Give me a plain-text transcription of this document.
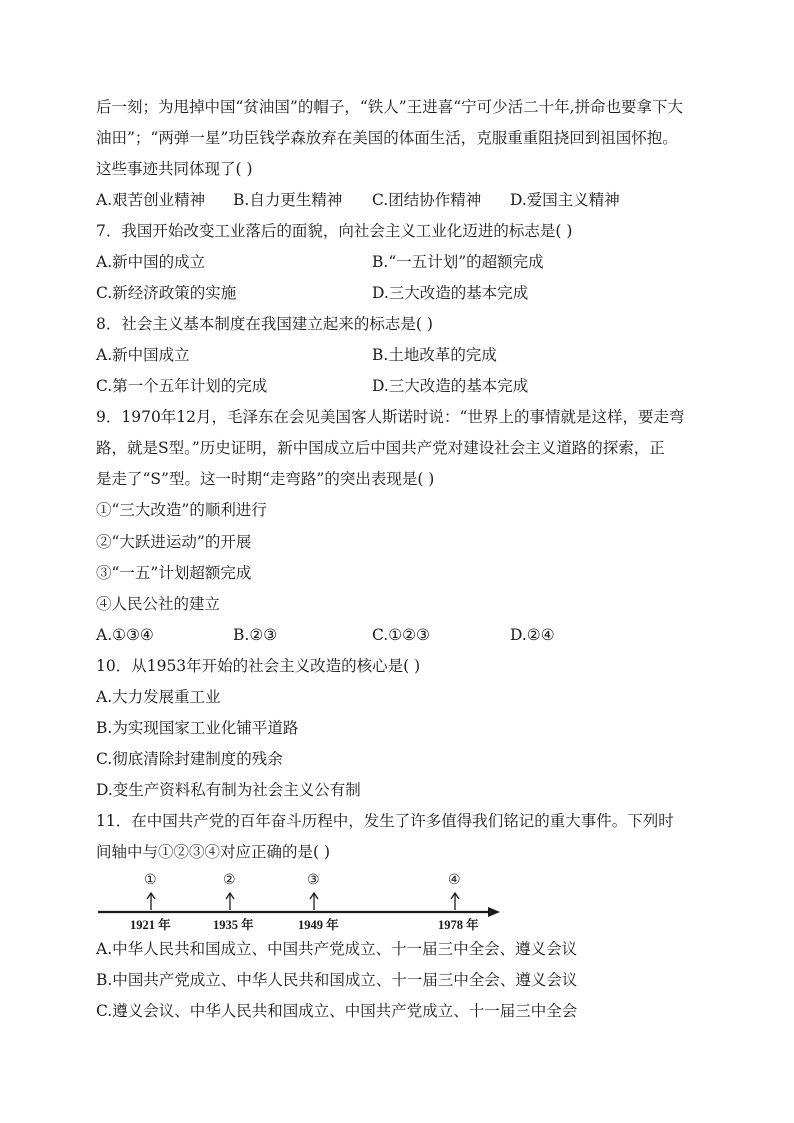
后一刻；为甩掉中国“贫油国”的帽子，“铁人”王进喜“宁可少活二十年,拼命也要拿下大
油田”；“两弹一星”功臣钱学森放弃在美国的体面生活，克服重重阻挠回到祖国怀抱。
这些事迹共同体现了( )
A.艰苦创业精神 B.自力更生精神 C.团结协作精神 D.爱国主义精神
7．我国开始改变工业落后的面貌，向社会主义工业化迈进的标志是( )
A.新中国的成立	B.“一五计划”的超额完成
C.新经济政策的实施	D.三大改造的基本完成
8．社会主义基本制度在我国建立起来的标志是( )
A.新中国成立	B.土地改革的完成
C.第一个五年计划的完成	D.三大改造的基本完成
9．1970年12月，毛泽东在会见美国客人斯诺时说：“世界上的事情就是这样，要走弯
路，就是S型。”历史证明，新中国成立后中国共产党对建设社会主义道路的探索，正
是走了“S”型。这一时期“走弯路”的突出表现是( )
①“三大改造”的顺利进行
②“大跃进运动”的开展
③“一五”计划超额完成
④人民公社的建立
A.①③④	B.②③	C.①②③	D.②④
10．从1953年开始的社会主义改造的核心是( )
A.大力发展重工业
B.为实现国家工业化铺平道路
C.彻底清除封建制度的残余
D.变生产资料私有制为社会主义公有制
11．在中国共产党的百年奋斗历程中，发生了许多值得我们铭记的重大事件。下列时
间轴中与①②③④对应正确的是( )
①	②	③	④
1921 年	1935 年	1949 年	1978 年
A.中华人民共和国成立、中国共产党成立、十一届三中全会、遵义会议
B.中国共产党成立、中华人民共和国成立、十一届三中全会、遵义会议
C.遵义会议、中华人民共和国成立、中国共产党成立、十一届三中全会
